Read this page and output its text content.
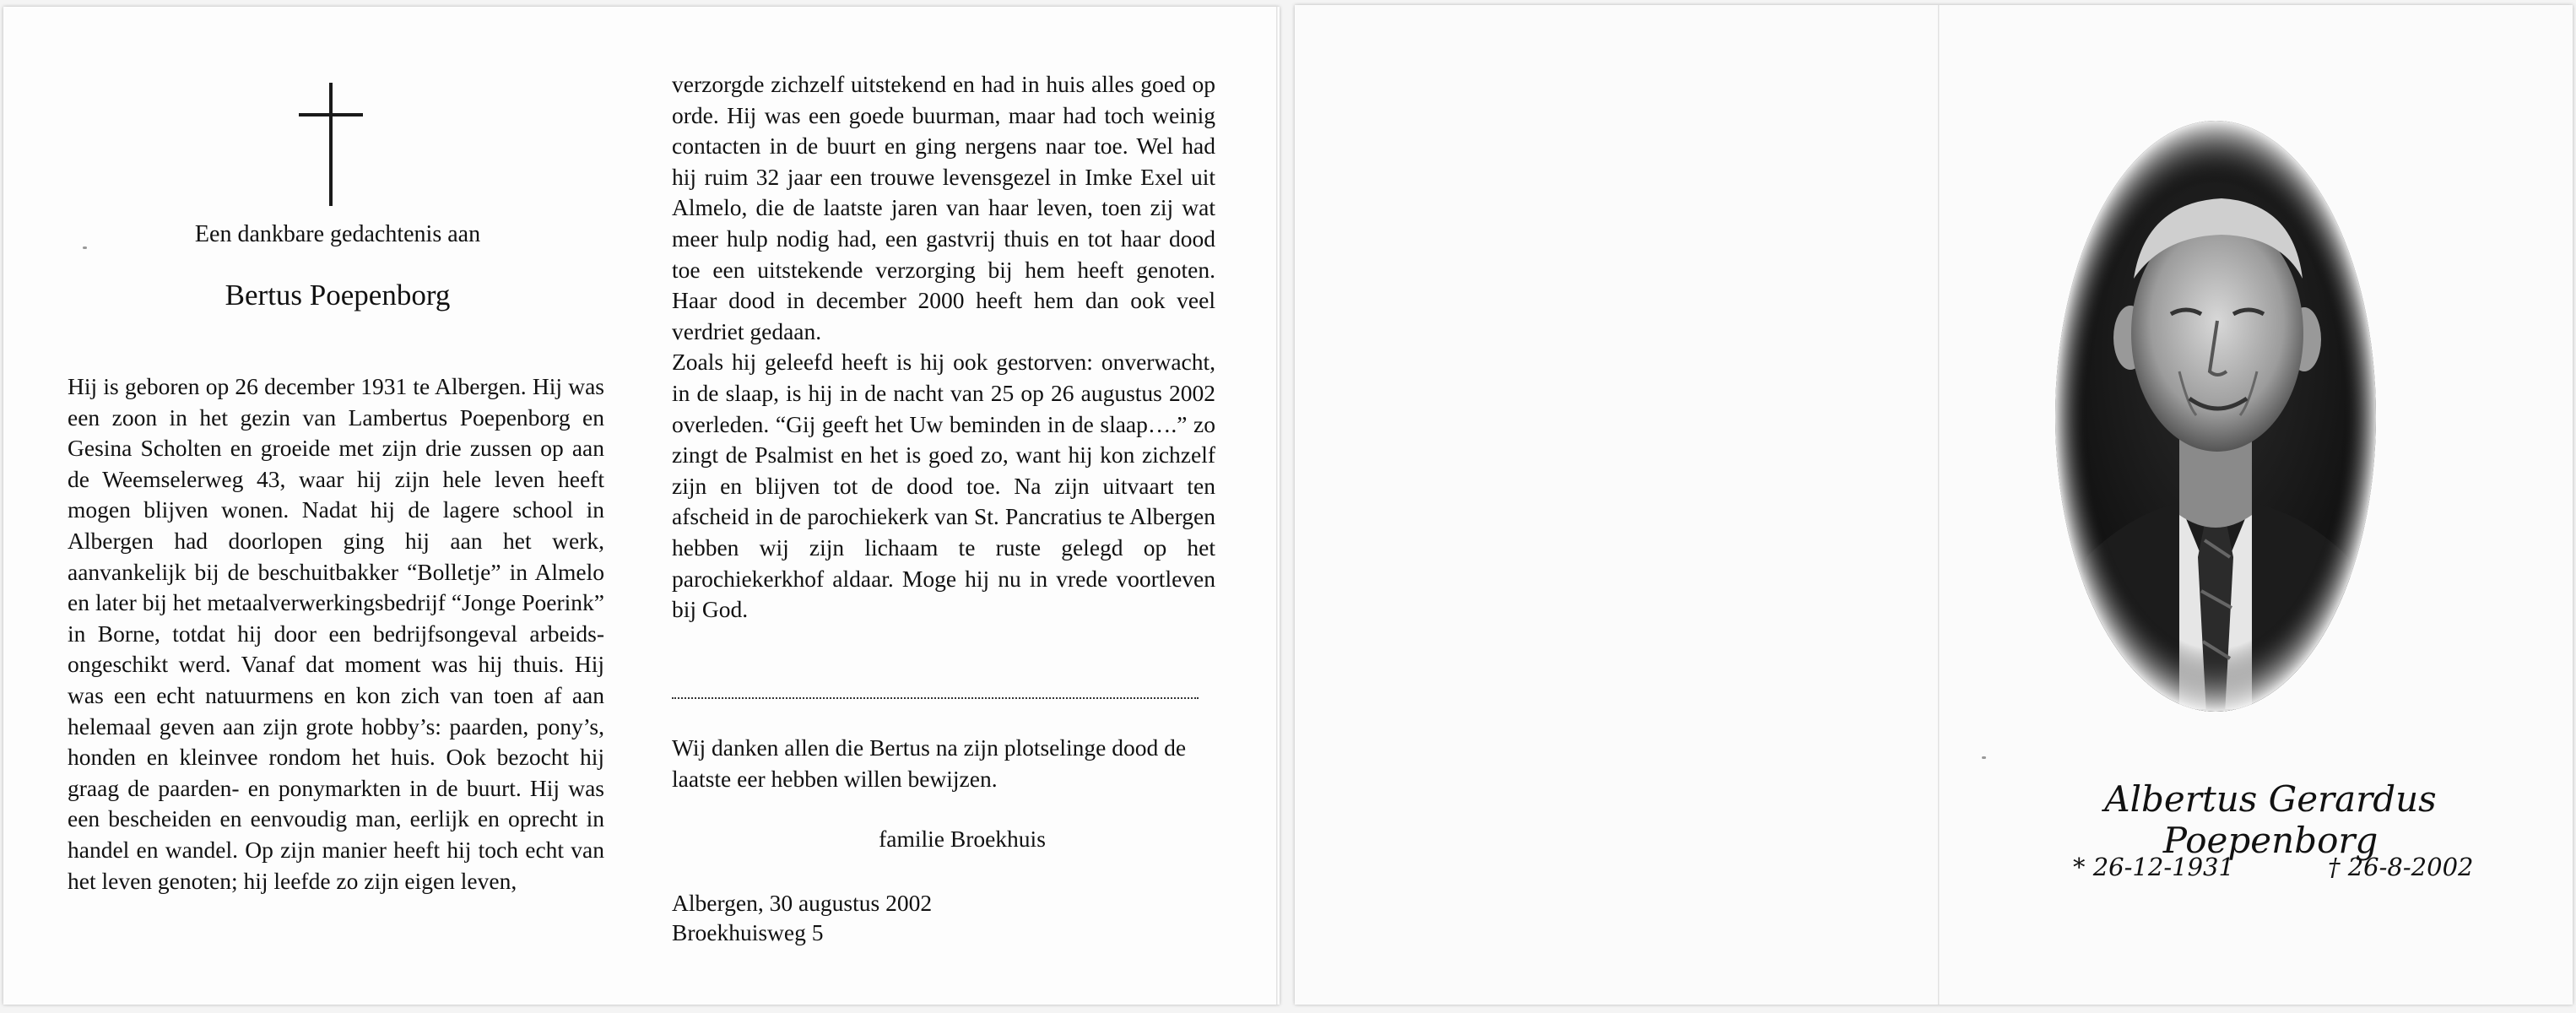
Een dankbare gedachtenis aan
Bertus Poepenborg

Hij is geboren op 26 december 1931 te Albergen. Hij was een zoon in het gezin van Lambertus Poepenborg en Gesina Scholten en groeide met zijn drie zussen op aan de Weemselerweg 43, waar hij zijn hele leven heeft mogen blijven wonen. Nadat hij de lagere school in Albergen had doorlopen ging hij aan het werk, aanvankelijk bij de beschuitbakker “Bolletje” in Almelo en later bij het metaalverwerkingsbedrijf “Jonge Poerink” in Borne, totdat hij door een bedrijfsongeval arbeids-ongeschikt werd. Vanaf dat moment was hij thuis. Hij was een echt natuurmens en kon zich van toen af aan helemaal geven aan zijn grote hobby’s: paarden, pony’s, honden en kleinvee rondom het huis. Ook bezocht hij graag de paarden- en ponymarkten in de buurt. Hij was een bescheiden en eenvoudig man, eerlijk en oprecht in handel en wandel. Op zijn manier heeft hij toch echt van het leven genoten; hij leefde zo zijn eigen leven,

verzorgde zichzelf uitstekend en had in huis alles goed op orde. Hij was een goede buurman, maar had toch weinig contacten in de buurt en ging nergens naar toe. Wel had hij ruim 32 jaar een trouwe levensgezel in Imke Exel uit Almelo, die de laatste jaren van haar leven, toen zij wat meer hulp nodig had, een gastvrij thuis en tot haar dood toe een uitstekende verzorging bij hem heeft genoten. Haar dood in december 2000 heeft hem dan ook veel verdriet gedaan.

Zoals hij geleefd heeft is hij ook gestorven: onverwacht, in de slaap, is hij in de nacht van 25 op 26 augustus 2002 overleden. “Gij geeft het Uw beminden in de slaap….” zo zingt de Psalmist en het is goed zo, want hij kon zichzelf zijn en blijven tot de dood toe. Na zijn uitvaart ten afscheid in de parochiekerk van St. Pancratius te Albergen hebben wij zijn lichaam te ruste gelegd op het parochiekerkhof aldaar. Moge hij nu in vrede voortleven bij God.

Wij danken allen die Bertus na zijn plotselinge dood de laatste eer hebben willen bewijzen.
familie Broekhuis
Albergen, 30 augustus 2002
Broekhuisweg 5
Albertus Gerardus Poepenborg
* 26-12-1931	† 26-8-2002
